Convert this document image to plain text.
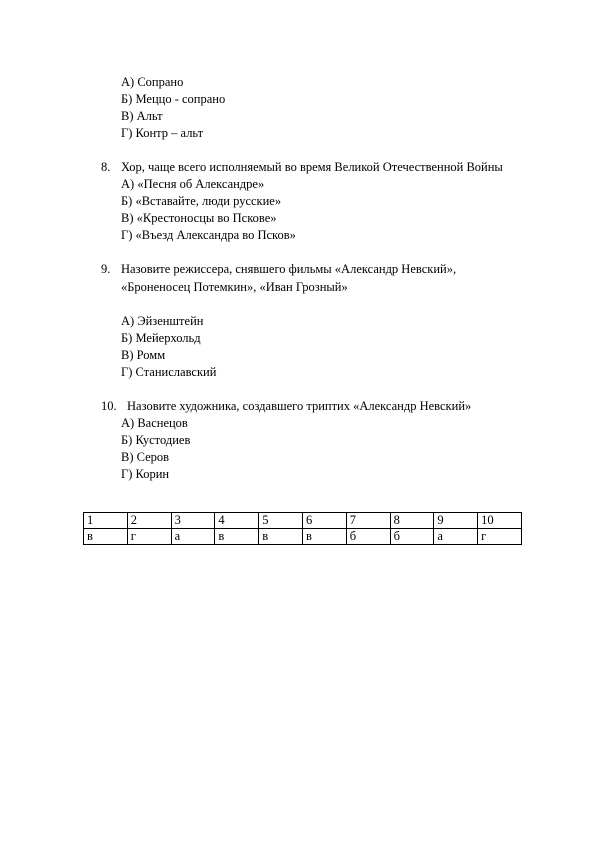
А) Сопрано
Б) Меццо - сопрано
В) Альт
Г) Контр – альт
8. Хор, чаще всего исполняемый во время Великой Отечественной Войны
А) «Песня об Александре»
Б) «Вставайте, люди русские»
В) «Крестоносцы во Пскове»
Г) «Въезд Александра во Псков»
9. Назовите режиссера, снявшего фильмы «Александр Невский»,
«Броненосец Потемкин», «Иван Грозный»
А) Эйзенштейн
Б) Мейерхольд
В) Ромм
Г) Станиславский
10. Назовите художника, создавшего триптих «Александр Невский»
А) Васнецов
Б) Кустодиев
В) Серов
Г) Корин
1	2	3	4	5	6	7	8	9	10
в	г	а	в	в	в	б	б	а	г
